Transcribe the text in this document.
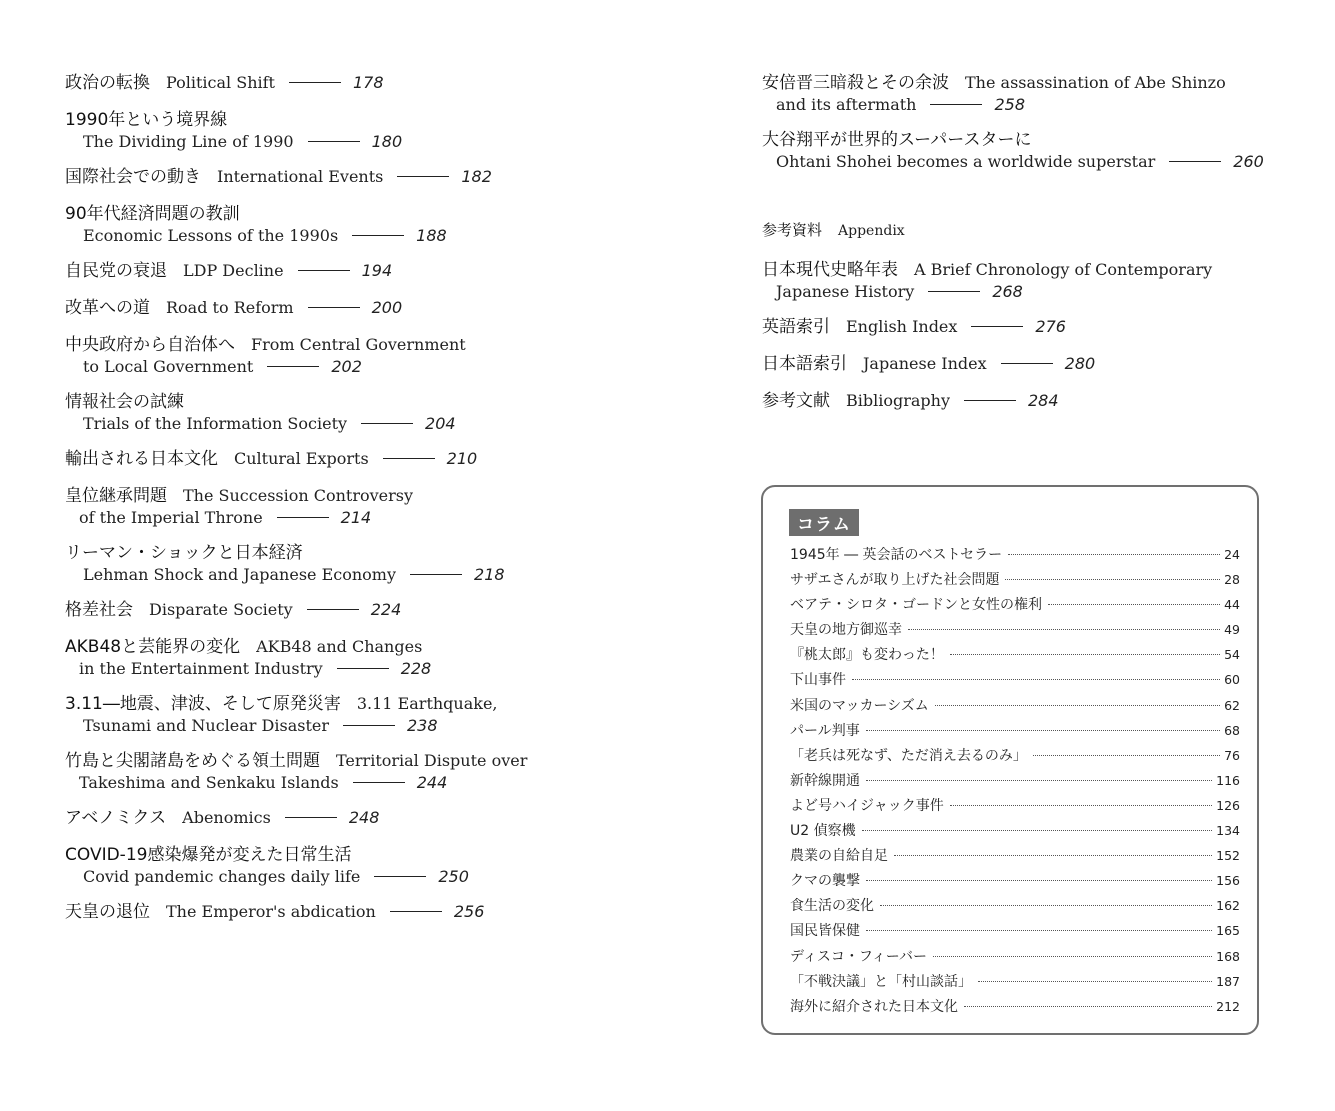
政治の転換 Political Shift	178
1990年という境界線
The Dividing Line of 1990	180
国際社会での動き International Events	182
90年代経済問題の教訓
Economic Lessons of the 1990s	188
自民党の衰退 LDP Decline	194
改革への道 Road to Reform	200
中央政府から自治体へ From Central Government
to Local Government	202
情報社会の試練
Trials of the Information Society	204
輸出される日本文化 Cultural Exports	210
皇位継承問題 The Succession Controversy
of the Imperial Throne	214
リーマン・ショックと日本経済
Lehman Shock and Japanese Economy	218
格差社会 Disparate Society	224
AKB48と芸能界の変化 AKB48 and Changes
in the Entertainment Industry	228
3.11―地震、津波、そして原発災害 3.11 Earthquake,
Tsunami and Nuclear Disaster	238
竹島と尖閣諸島をめぐる領土問題 Territorial Dispute over
Takeshima and Senkaku Islands	244
アベノミクス Abenomics	248
COVID-19感染爆発が変えた日常生活
Covid pandemic changes daily life	250
天皇の退位 The Emperor's abdication	256
安倍晋三暗殺とその余波 The assassination of Abe Shinzo
and its aftermath	258
大谷翔平が世界的スーパースターに
Ohtani Shohei becomes a worldwide superstar	260
参考資料 Appendix
日本現代史略年表 A Brief Chronology of Contemporary
Japanese History	268
英語索引 English Index	276
日本語索引 Japanese Index	280
参考文献 Bibliography	284
コラム
1945年 ― 英会話のベストセラー	24
サザエさんが取り上げた社会問題	28
ベアテ・シロタ・ゴードンと女性の権利	44
天皇の地方御巡幸	49
『桃太郎』も変わった！	54
下山事件	60
米国のマッカーシズム	62
パール判事	68
「老兵は死なず、ただ消え去るのみ」	76
新幹線開通	116
よど号ハイジャック事件	126
U2 偵察機	134
農業の自給自足	152
クマの襲撃	156
食生活の変化	162
国民皆保健	165
ディスコ・フィーバー	168
「不戦決議」と「村山談話」	187
海外に紹介された日本文化	212
